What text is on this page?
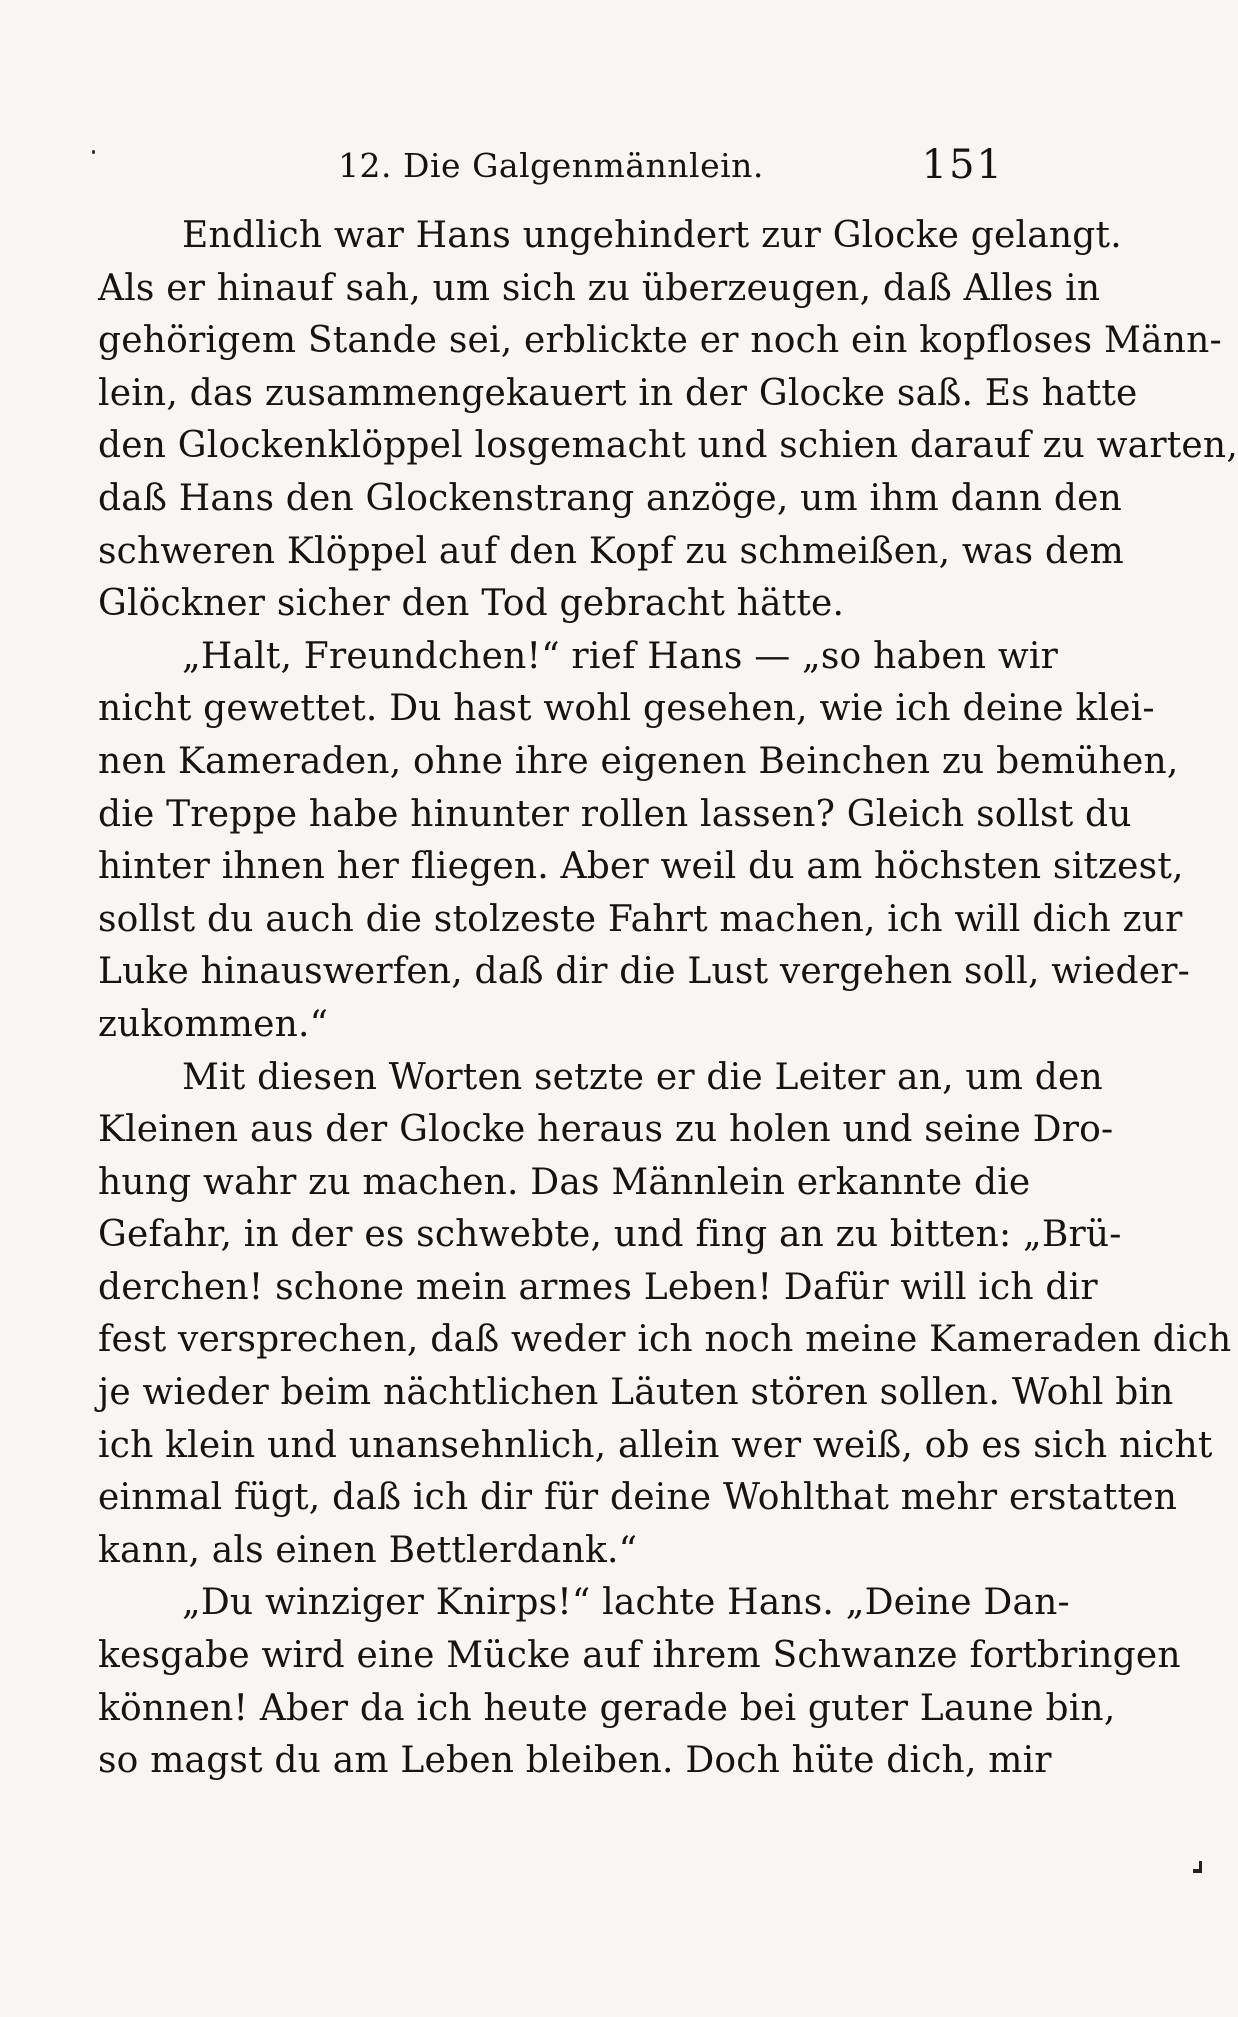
12. Die Galgenmännlein.	151
Endlich war Hans ungehindert zur Glocke gelangt.
Als er hinauf sah, um sich zu überzeugen, daß Alles in
gehörigem Stande sei, erblickte er noch ein kopfloses Männ-
lein, das zusammengekauert in der Glocke saß. Es hatte
den Glockenklöppel losgemacht und schien darauf zu warten,
daß Hans den Glockenstrang anzöge, um ihm dann den
schweren Klöppel auf den Kopf zu schmeißen, was dem
Glöckner sicher den Tod gebracht hätte.
„Halt, Freundchen!“ rief Hans — „so haben wir
nicht gewettet. Du hast wohl gesehen, wie ich deine klei-
nen Kameraden, ohne ihre eigenen Beinchen zu bemühen,
die Treppe habe hinunter rollen lassen? Gleich sollst du
hinter ihnen her fliegen. Aber weil du am höchsten sitzest,
sollst du auch die stolzeste Fahrt machen, ich will dich zur
Luke hinauswerfen, daß dir die Lust vergehen soll, wieder-
zukommen.“
Mit diesen Worten setzte er die Leiter an, um den
Kleinen aus der Glocke heraus zu holen und seine Dro-
hung wahr zu machen. Das Männlein erkannte die
Gefahr, in der es schwebte, und fing an zu bitten: „Brü-
derchen! schone mein armes Leben! Dafür will ich dir
fest versprechen, daß weder ich noch meine Kameraden dich
je wieder beim nächtlichen Läuten stören sollen. Wohl bin
ich klein und unansehnlich, allein wer weiß, ob es sich nicht
einmal fügt, daß ich dir für deine Wohlthat mehr erstatten
kann, als einen Bettlerdank.“
„Du winziger Knirps!“ lachte Hans. „Deine Dan-
kesgabe wird eine Mücke auf ihrem Schwanze fortbringen
können! Aber da ich heute gerade bei guter Laune bin,
so magst du am Leben bleiben. Doch hüte dich, mir
